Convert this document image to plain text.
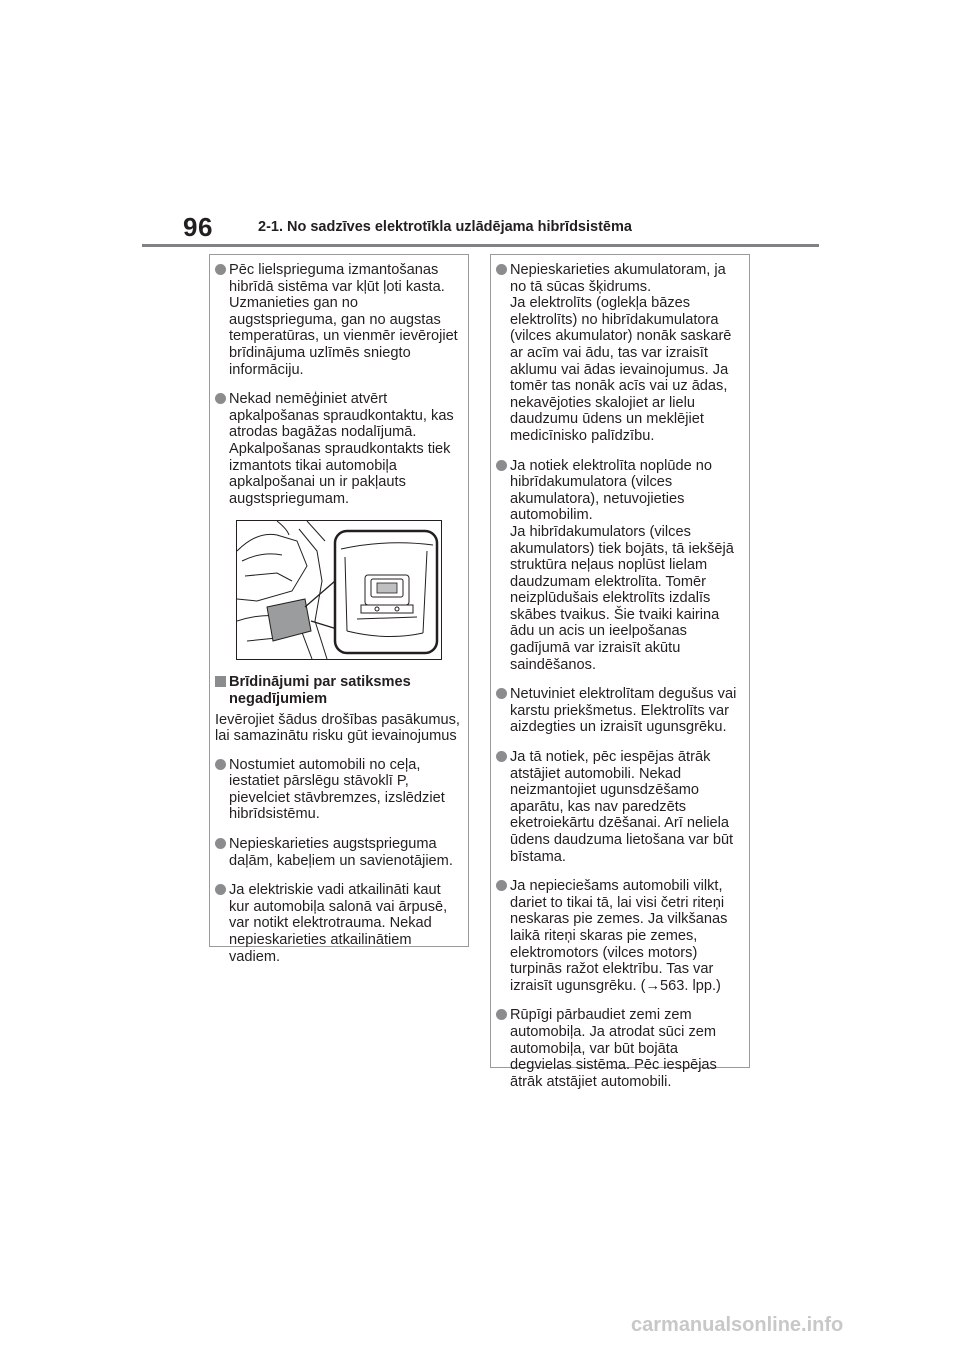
96	2-1. No sadzīves elektrotīkla uzlādējama hibrīdsistēma
Pēc lielsprieguma izmantošanas
hibrīdā sistēma var kļūt ļoti kasta.
Uzmanieties gan no
augstsprieguma, gan no augstas
temperatūras, un vienmēr ievērojiet
brīdinājuma uzlīmēs sniegto
informāciju.
Nekad nemēģiniet atvērt
apkalpošanas spraudkontaktu, kas
atrodas bagāžas nodalījumā.
Apkalpošanas spraudkontakts tiek
izmantots tikai automobiļa
apkalpošanai un ir pakļauts
augstspriegumam.
Brīdinājumi par satiksmes
negadījumiem
Ievērojiet šādus drošības pasākumus,
lai samazinātu risku gūt ievainojumus
Nostumiet automobili no ceļa,
iestatiet pārslēgu stāvoklī P,
pievelciet stāvbremzes, izslēdziet
hibrīdsistēmu.
Nepieskarieties augstsprieguma
daļām, kabeļiem un savienotājiem.
Ja elektriskie vadi atkailināti kaut
kur automobiļa salonā vai ārpusē,
var notikt elektrotrauma. Nekad
nepieskarieties atkailinātiem
vadiem.
Nepieskarieties akumulatoram, ja
no tā sūcas šķidrums.
Ja elektrolīts (oglekļa bāzes
elektrolīts) no hibrīdakumulatora
(vilces akumulator) nonāk saskarē
ar acīm vai ādu, tas var izraisīt
aklumu vai ādas ievainojumus. Ja
tomēr tas nonāk acīs vai uz ādas,
nekavējoties skalojiet ar lielu
daudzumu ūdens un meklējiet
medicīnisko palīdzību.
Ja notiek elektrolīta noplūde no
hibrīdakumulatora (vilces
akumulatora), netuvojieties
automobilim.
Ja hibrīdakumulators (vilces
akumulators) tiek bojāts, tā iekšējā
struktūra neļaus noplūst lielam
daudzumam elektrolīta. Tomēr
neizplūdušais elektrolīts izdalīs
skābes tvaikus. Šie tvaiki kairina
ādu un acis un ieelpošanas
gadījumā var izraisīt akūtu
saindēšanos.
Netuviniet elektrolītam degušus vai
karstu priekšmetus. Elektrolīts var
aizdegties un izraisīt ugunsgrēku.
Ja tā notiek, pēc iespējas ātrāk
atstājiet automobili. Nekad
neizmantojiet ugunsdzēšamo
aparātu, kas nav paredzēts
eketroiekārtu dzēšanai. Arī neliela
ūdens daudzuma lietošana var būt
bīstama.
Ja nepieciešams automobili vilkt,
dariet to tikai tā, lai visi četri riteņi
neskaras pie zemes. Ja vilkšanas
laikā riteņi skaras pie zemes,
elektromotors (vilces motors)
turpinās ražot elektrību. Tas var
izraisīt ugunsgrēku. (→563. lpp.)
Rūpīgi pārbaudiet zemi zem
automobiļa. Ja atrodat sūci zem
automobiļa, var būt bojāta
degvielas sistēma. Pēc iespējas
ātrāk atstājiet automobili.
carmanualsonline.info
